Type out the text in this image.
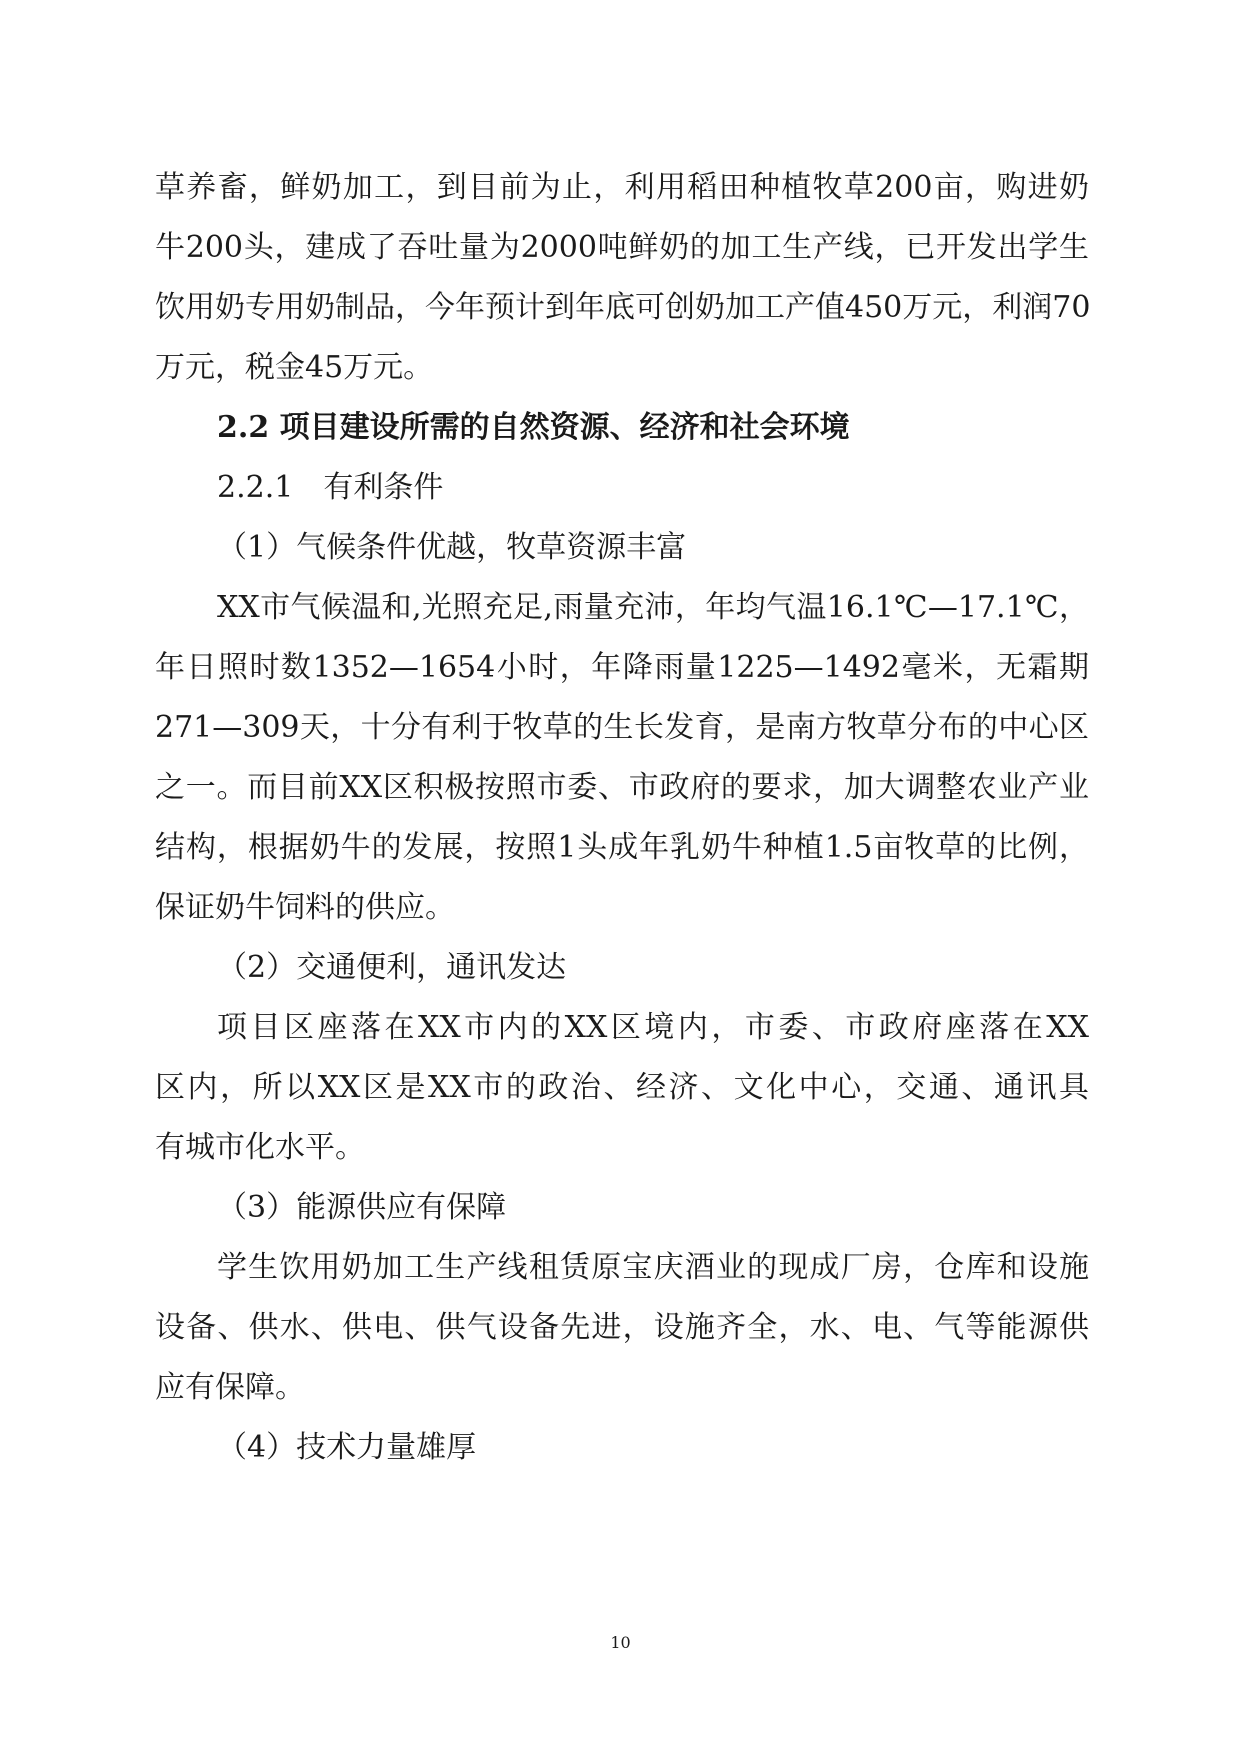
草养畜，鲜奶加工，到目前为止，利用稻田种植牧草200亩，购进奶
牛200头，建成了吞吐量为2000吨鲜奶的加工生产线，已开发出学生
饮用奶专用奶制品，今年预计到年底可创奶加工产值450万元，利润70
万元，税金45万元。
2.2 项目建设所需的自然资源、经济和社会环境
2.2.1　有利条件
（1）气候条件优越，牧草资源丰富
XX市气候温和,光照充足,雨量充沛，年均气温16.1℃—17.1℃，
年日照时数1352—1654小时，年降雨量1225—1492毫米，无霜期
271—309天，十分有利于牧草的生长发育，是南方牧草分布的中心区
之一。而目前XX区积极按照市委、市政府的要求，加大调整农业产业
结构，根据奶牛的发展，按照1头成年乳奶牛种植1.5亩牧草的比例，
保证奶牛饲料的供应。
（2）交通便利，通讯发达
项目区座落在XX市内的XX区境内，市委、市政府座落在XX
区内，所以XX区是XX市的政治、经济、文化中心，交通、通讯具
有城市化水平。
（3）能源供应有保障
学生饮用奶加工生产线租赁原宝庆酒业的现成厂房，仓库和设施
设备、供水、供电、供气设备先进，设施齐全，水、电、气等能源供
应有保障。
（4）技术力量雄厚
10
